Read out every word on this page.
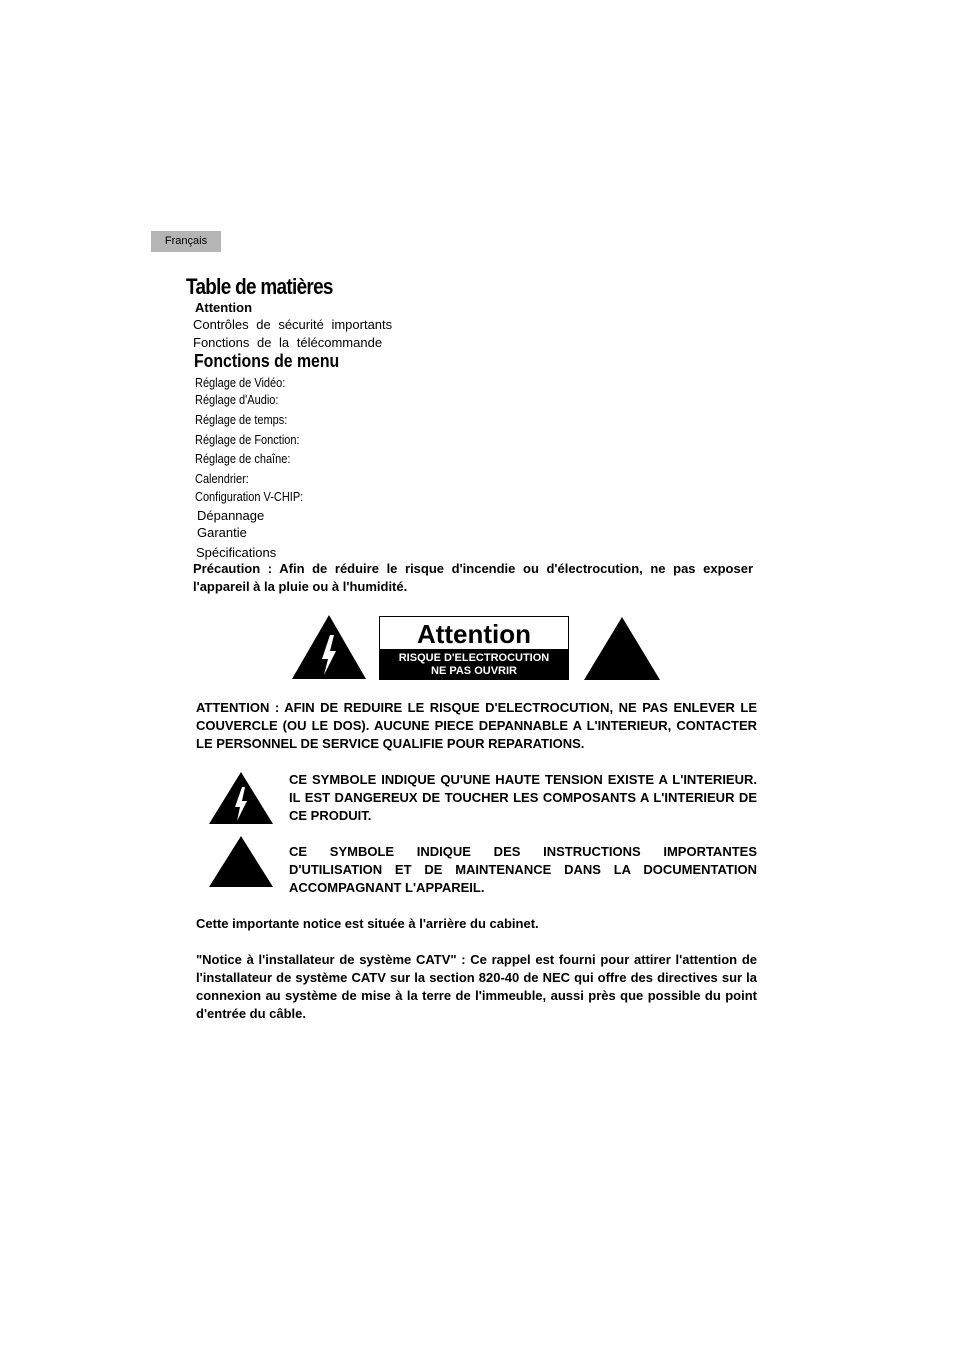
Français
Table de matières
Attention
Contrôles de sécurité importants
Fonctions de la télécommande
Fonctions de menu
Réglage de Vidéo:
Réglage d'Audio:
Réglage de temps:
Réglage de Fonction:
Réglage de chaîne:
Calendrier:
Configuration V-CHIP:
Dépannage
Garantie
Spécifications
Précaution : Afin de réduire le risque d'incendie ou d'électrocution, ne pas exposer l'appareil à la pluie ou à l'humidité.
Attention
RISQUE D'ELECTROCUTION
NE PAS OUVRIR
ATTENTION : AFIN DE REDUIRE LE RISQUE D'ELECTROCUTION, NE PAS ENLEVER LE COUVERCLE (OU LE DOS). AUCUNE PIECE DEPANNABLE A L'INTERIEUR, CONTACTER LE PERSONNEL DE SERVICE QUALIFIE POUR REPARATIONS.
CE SYMBOLE INDIQUE QU'UNE HAUTE TENSION EXISTE A L'INTERIEUR. IL EST DANGEREUX DE TOUCHER LES COMPOSANTS A L'INTERIEUR DE CE PRODUIT.
CE SYMBOLE INDIQUE DES INSTRUCTIONS IMPORTANTES D'UTILISATION ET DE MAINTENANCE DANS LA DOCUMENTATION ACCOMPAGNANT L'APPAREIL.
Cette importante notice est située à l'arrière du cabinet.
"Notice à l'installateur de système CATV" : Ce rappel est fourni pour attirer l'attention de l'installateur de système CATV sur la section 820-40 de NEC qui offre des directives sur la connexion au système de mise à la terre de l'immeuble, aussi près que possible du point d'entrée du câble.
